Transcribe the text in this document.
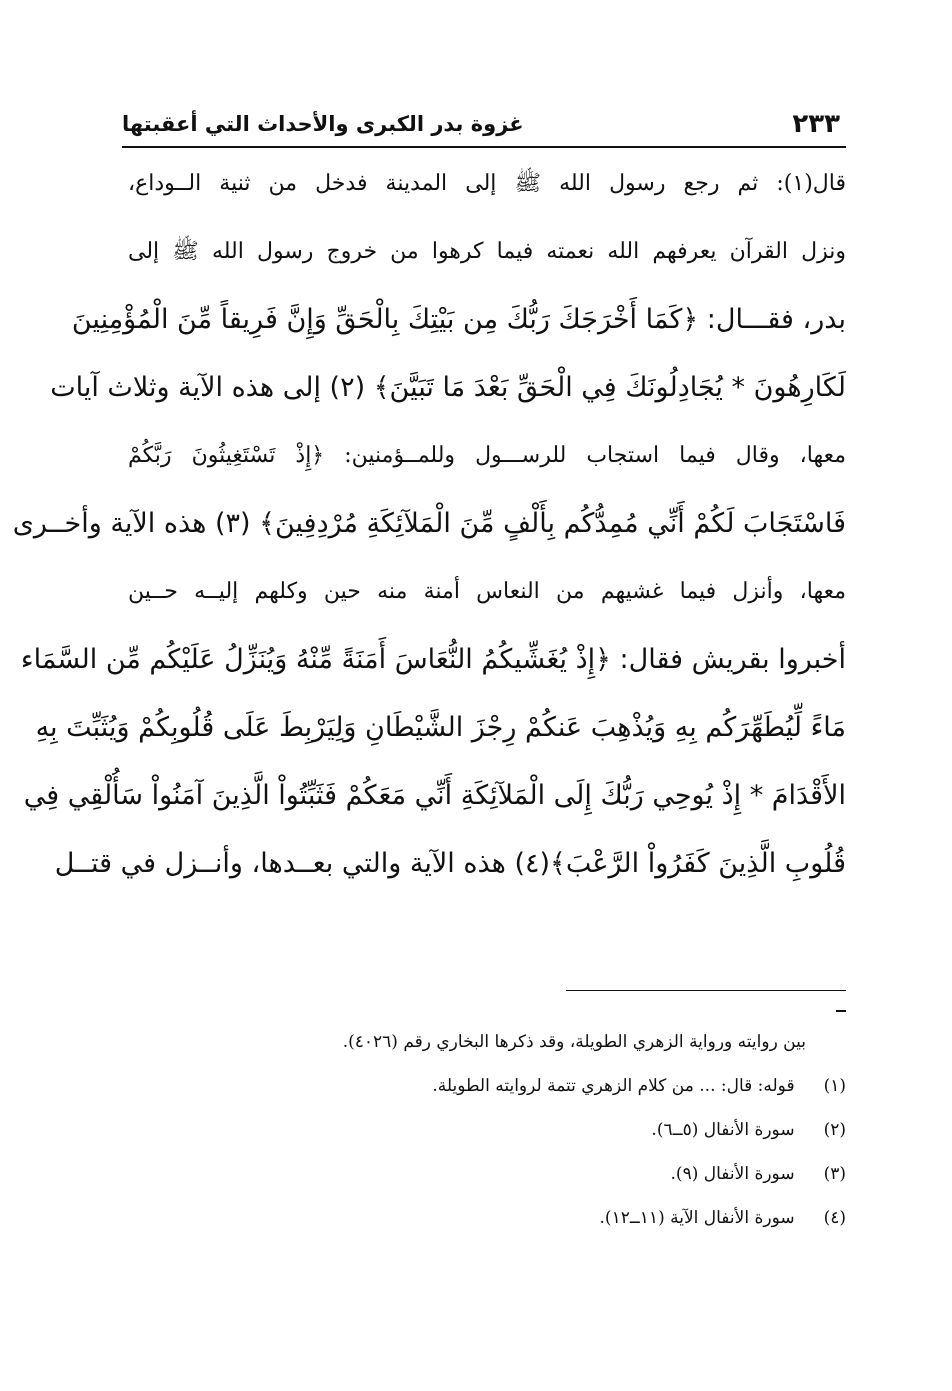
٢٣٣
غزوة بدر الكبرى والأحداث التي أعقبتها
قال(١): ثم رجع رسول الله ﷺ إلى المدينة فدخل من ثنية الــوداع،
ونزل القرآن يعرفهم الله نعمته فيما كرهوا من خروج رسول الله ﷺ إلى
بدر، فقـــال: ﴿كَمَا أَخْرَجَكَ رَبُّكَ مِن بَيْتِكَ بِالْحَقِّ وَإِنَّ فَرِيقاً مِّنَ الْمُؤْمِنِينَ
لَكَارِهُونَ * يُجَادِلُونَكَ فِي الْحَقِّ بَعْدَ مَا تَبَيَّنَ﴾ (٢) إلى هذه الآية وثلاث آيات
معها، وقال فيما استجاب للرســـول وللمــؤمنين: ﴿إِذْ تَسْتَغِيثُونَ رَبَّكُمْ
فَاسْتَجَابَ لَكُمْ أَنِّي مُمِدُّكُم بِأَلْفٍ مِّنَ الْمَلآئِكَةِ مُرْدِفِينَ﴾ (٣) هذه الآية وأخــرى
معها، وأنزل فيما غشيهم من النعاس أمنة منه حين وكلهم إليــه حــين
أخبروا بقريش فقال: ﴿إِذْ يُغَشِّيكُمُ النُّعَاسَ أَمَنَةً مِّنْهُ وَيُنَزِّلُ عَلَيْكُم مِّن السَّمَاء
مَاءً لِّيُطَهِّرَكُم بِهِ وَيُذْهِبَ عَنكُمْ رِجْزَ الشَّيْطَانِ وَلِيَرْبِطَ عَلَى قُلُوبِكُمْ وَيُثَبِّتَ بِهِ
الأَقْدَامَ * إِذْ يُوحِي رَبُّكَ إِلَى الْمَلآئِكَةِ أَنِّي مَعَكُمْ فَثَبِّتُواْ الَّذِينَ آمَنُواْ سَأُلْقِي فِي
قُلُوبِ الَّذِينَ كَفَرُواْ الرَّعْبَ﴾(٤) هذه الآية والتي بعــدها، وأنــزل في قتــل
بين روايته ورواية الزهري الطويلة، وقد ذكرها البخاري رقم (٤٠٢٦).
(١) قوله: قال: ... من كلام الزهري تتمة لروايته الطويلة.
(٢) سورة الأنفال (٥ــ٦).
(٣) سورة الأنفال (٩).
(٤) سورة الأنفال الآية (١١ــ١٢).
